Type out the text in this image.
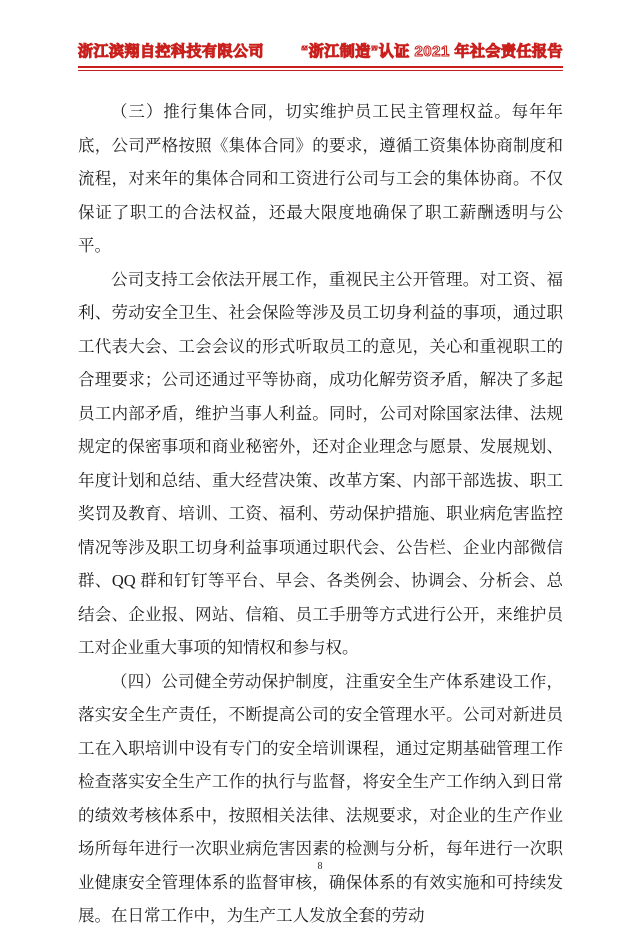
浙江滨翔自控科技有限公司 “浙江制造”认证 2021 年社会责任报告

（三）推行集体合同，切实维护员工民主管理权益。每年年底，公司严格按照《集体合同》的要求，遵循工资集体协商制度和流程，对来年的集体合同和工资进行公司与工会的集体协商。不仅保证了职工的合法权益，还最大限度地确保了职工薪酬透明与公平。

公司支持工会依法开展工作，重视民主公开管理。对工资、福利、劳动安全卫生、社会保险等涉及员工切身利益的事项，通过职工代表大会、工会会议的形式听取员工的意见，关心和重视职工的合理要求；公司还通过平等协商，成功化解劳资矛盾，解决了多起员工内部矛盾，维护当事人利益。同时，公司对除国家法律、法规规定的保密事项和商业秘密外，还对企业理念与愿景、发展规划、年度计划和总结、重大经营决策、改革方案、内部干部选拔、职工奖罚及教育、培训、工资、福利、劳动保护措施、职业病危害监控情况等涉及职工切身利益事项通过职代会、公告栏、企业内部微信群、QQ 群和钉钉等平台、早会、各类例会、协调会、分析会、总结会、企业报、网站、信箱、员工手册等方式进行公开，来维护员工对企业重大事项的知情权和参与权。

（四）公司健全劳动保护制度，注重安全生产体系建设工作，落实安全生产责任，不断提高公司的安全管理水平。公司对新进员工在入职培训中设有专门的安全培训课程，通过定期基础管理工作检查落实安全生产工作的执行与监督，将安全生产工作纳入到日常的绩效考核体系中，按照相关法律、法规要求，对企业的生产作业场所每年进行一次职业病危害因素的检测与分析，每年进行一次职业健康安全管理体系的监督审核，确保体系的有效实施和可持续发展。在日常工作中，为生产工人发放全套的劳动

8
